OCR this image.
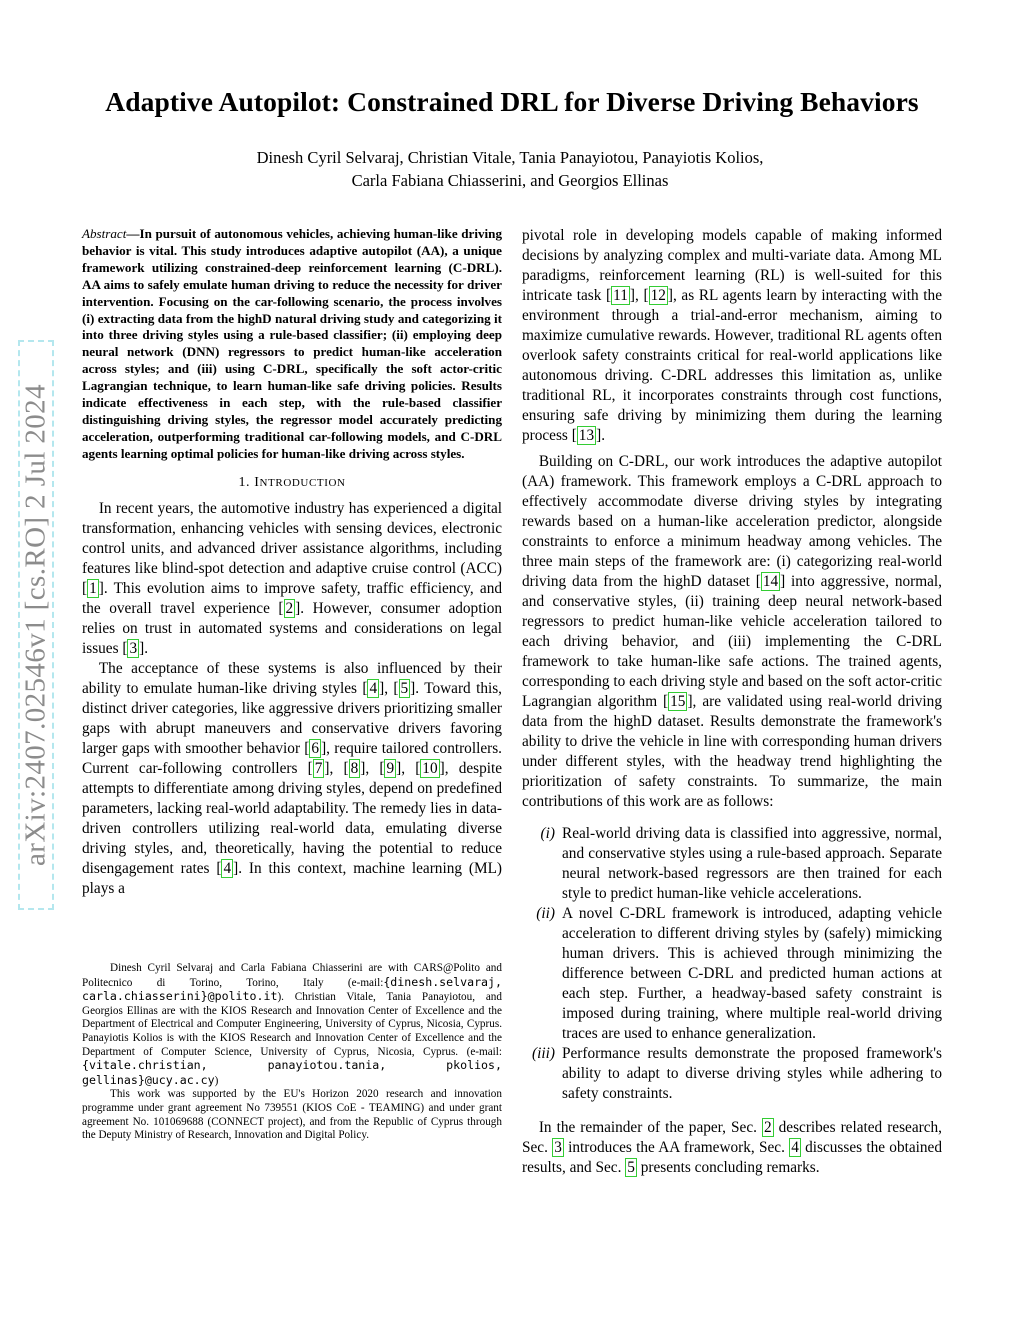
arXiv:2407.02546v1 [cs.RO] 2 Jul 2024
Adaptive Autopilot: Constrained DRL for Diverse Driving Behaviors
Dinesh Cyril Selvaraj, Christian Vitale, Tania Panayiotou, Panayiotis Kolios,
Carla Fabiana Chiasserini, and Georgios Ellinas

Abstract—In pursuit of autonomous vehicles, achieving human-like driving behavior is vital. This study introduces adaptive autopilot (AA), a unique framework utilizing constrained-deep reinforcement learning (C-DRL). AA aims to safely emulate human driving to reduce the necessity for driver intervention. Focusing on the car-following scenario, the process involves (i) extracting data from the highD natural driving study and categorizing it into three driving styles using a rule-based classifier; (ii) employing deep neural network (DNN) regressors to predict human-like acceleration across styles; and (iii) using C-DRL, specifically the soft actor-critic Lagrangian technique, to learn human-like safe driving policies. Results indicate effectiveness in each step, with the rule-based classifier distinguishing driving styles, the regressor model accurately predicting acceleration, outperforming traditional car-following models, and C-DRL agents learning optimal policies for human-like driving across styles.

1. INTRODUCTION

In recent years, the automotive industry has experienced a digital transformation, enhancing vehicles with sensing devices, electronic control units, and advanced driver assistance algorithms, including features like blind-spot detection and adaptive cruise control (ACC) [ 1 ]. This evolution aims to improve safety, traffic efficiency, and the overall travel experience [ 2 ]. However, consumer adoption relies on trust in automated systems and considerations on legal issues [ 3 ].

The acceptance of these systems is also influenced by their ability to emulate human-like driving styles [ 4 ], [ 5 ]. Toward this, distinct driver categories, like aggressive drivers prioritizing smaller gaps with abrupt maneuvers and conservative drivers favoring larger gaps with smoother behavior [ 6 ], require tailored controllers. Current car-following controllers [ 7 ], [ 8 ], [ 9 ], [ 10 ], despite attempts to differentiate among driving styles, depend on predefined parameters, lacking real-world adaptability. The remedy lies in data-driven controllers utilizing real-world data, emulating diverse driving styles, and, theoretically, having the potential to reduce disengagement rates [ 4 ]. In this context, machine learning (ML) plays a

Dinesh Cyril Selvaraj and Carla Fabiana Chiasserini are with CARS@Polito and Politecnico di Torino, Torino, Italy (e-mail:{dinesh.selvaraj, carla.chiasserini}@polito.it). Christian Vitale, Tania Panayiotou, and Georgios Ellinas are with the KIOS Research and Innovation Center of Excellence and the Department of Electrical and Computer Engineering, University of Cyprus, Nicosia, Cyprus. Panayiotis Kolios is with the KIOS Research and Innovation Center of Excellence and the Department of Computer Science, University of Cyprus, Nicosia, Cyprus. (e-mail:{vitale.christian, panayiotou.tania, pkolios, gellinas}@ucy.ac.cy)

This work was supported by the EU's Horizon 2020 research and innovation programme under grant agreement No 739551 (KIOS CoE - TEAMING) and under grant agreement No. 101069688 (CONNECT project), and from the Republic of Cyprus through the Deputy Ministry of Research, Innovation and Digital Policy.

pivotal role in developing models capable of making informed decisions by analyzing complex and multi-variate data. Among ML paradigms, reinforcement learning (RL) is well-suited for this intricate task [ 11 ], [ 12 ], as RL agents learn by interacting with the environment through a trial-and-error mechanism, aiming to maximize cumulative rewards. However, traditional RL agents often overlook safety constraints critical for real-world applications like autonomous driving. C-DRL addresses this limitation as, unlike traditional RL, it incorporates constraints through cost functions, ensuring safe driving by minimizing them during the learning process [ 13 ].

Building on C-DRL, our work introduces the adaptive autopilot (AA) framework. This framework employs a C-DRL approach to effectively accommodate diverse driving styles by integrating rewards based on a human-like acceleration predictor, alongside constraints to enforce a minimum headway among vehicles. The three main steps of the framework are: (i) categorizing real-world driving data from the highD dataset [ 14 ] into aggressive, normal, and conservative styles, (ii) training deep neural network-based regressors to predict human-like vehicle acceleration tailored to each driving behavior, and (iii) implementing the C-DRL framework to take human-like safe actions. The trained agents, corresponding to each driving style and based on the soft actor-critic Lagrangian algorithm [ 15 ], are validated using real-world driving data from the highD dataset. Results demonstrate the framework's ability to drive the vehicle in line with corresponding human drivers under different styles, with the headway trend highlighting the prioritization of safety constraints. To summarize, the main contributions of this work are as follows:

(i) Real-world driving data is classified into aggressive, normal, and conservative styles using a rule-based approach. Separate neural network-based regressors are then trained for each style to predict human-like vehicle accelerations.
(ii) A novel C-DRL framework is introduced, adapting vehicle acceleration to different driving styles by (safely) mimicking human drivers. This is achieved through minimizing the difference between C-DRL and predicted human actions at each step. Further, a headway-based safety constraint is imposed during training, where multiple real-world driving traces are used to enhance generalization.
(iii) Performance results demonstrate the proposed framework's ability to adapt to diverse driving styles while adhering to safety constraints.

In the remainder of the paper, Sec. 2 describes related research, Sec. 3 introduces the AA framework, Sec. 4 discusses the obtained results, and Sec. 5 presents concluding remarks.
